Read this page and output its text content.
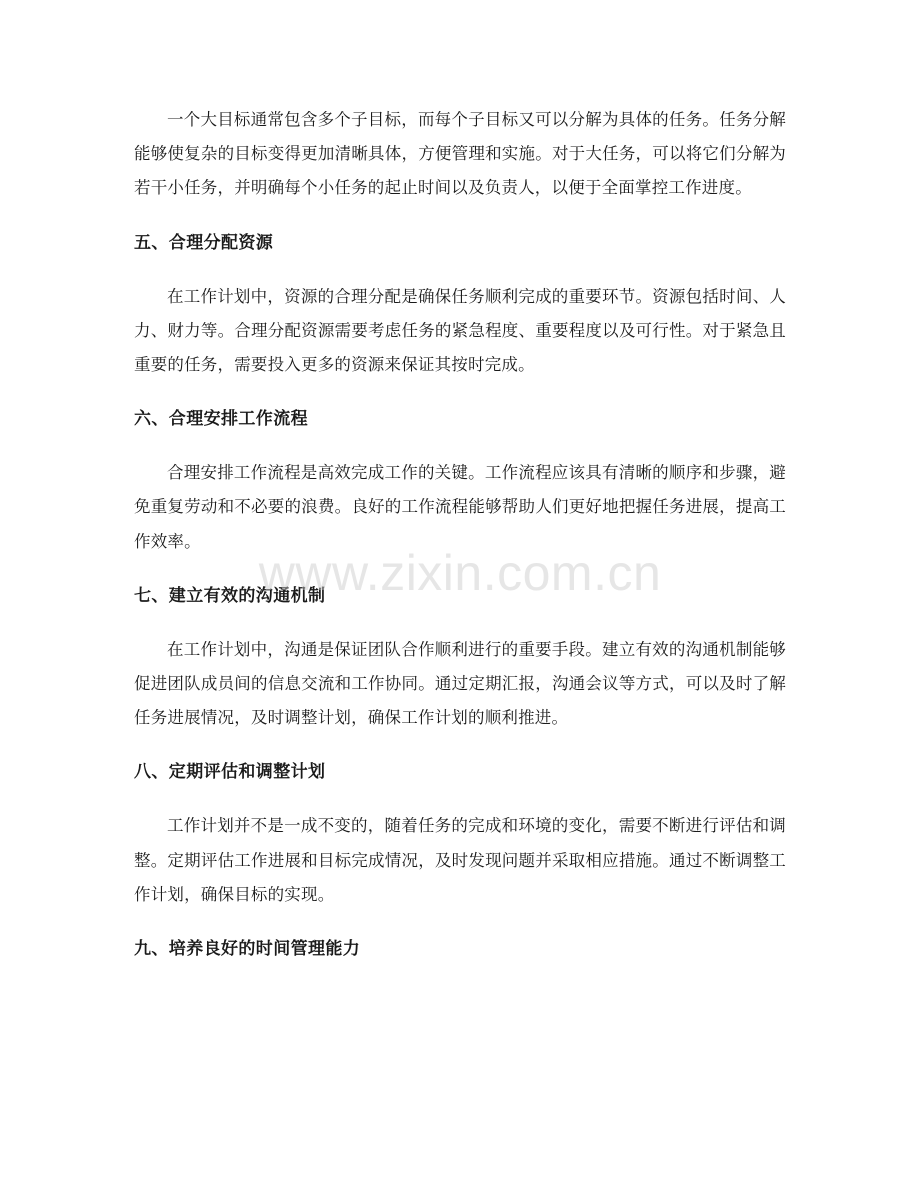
一个大目标通常包含多个子目标，而每个子目标又可以分解为具体的任务。任务分解能够使复杂的目标变得更加清晰具体，方便管理和实施。对于大任务，可以将它们分解为若干小任务，并明确每个小任务的起止时间以及负责人，以便于全面掌控工作进度。

五、合理分配资源

在工作计划中，资源的合理分配是确保任务顺利完成的重要环节。资源包括时间、人力、财力等。合理分配资源需要考虑任务的紧急程度、重要程度以及可行性。对于紧急且重要的任务，需要投入更多的资源来保证其按时完成。

六、合理安排工作流程

合理安排工作流程是高效完成工作的关键。工作流程应该具有清晰的顺序和步骤，避免重复劳动和不必要的浪费。良好的工作流程能够帮助人们更好地把握任务进展，提高工作效率。

七、建立有效的沟通机制

在工作计划中，沟通是保证团队合作顺利进行的重要手段。建立有效的沟通机制能够促进团队成员间的信息交流和工作协同。通过定期汇报，沟通会议等方式，可以及时了解任务进展情况，及时调整计划，确保工作计划的顺利推进。

八、定期评估和调整计划

工作计划并不是一成不变的，随着任务的完成和环境的变化，需要不断进行评估和调整。定期评估工作进展和目标完成情况，及时发现问题并采取相应措施。通过不断调整工作计划，确保目标的实现。

九、培养良好的时间管理能力
www.zixin.com.cn
